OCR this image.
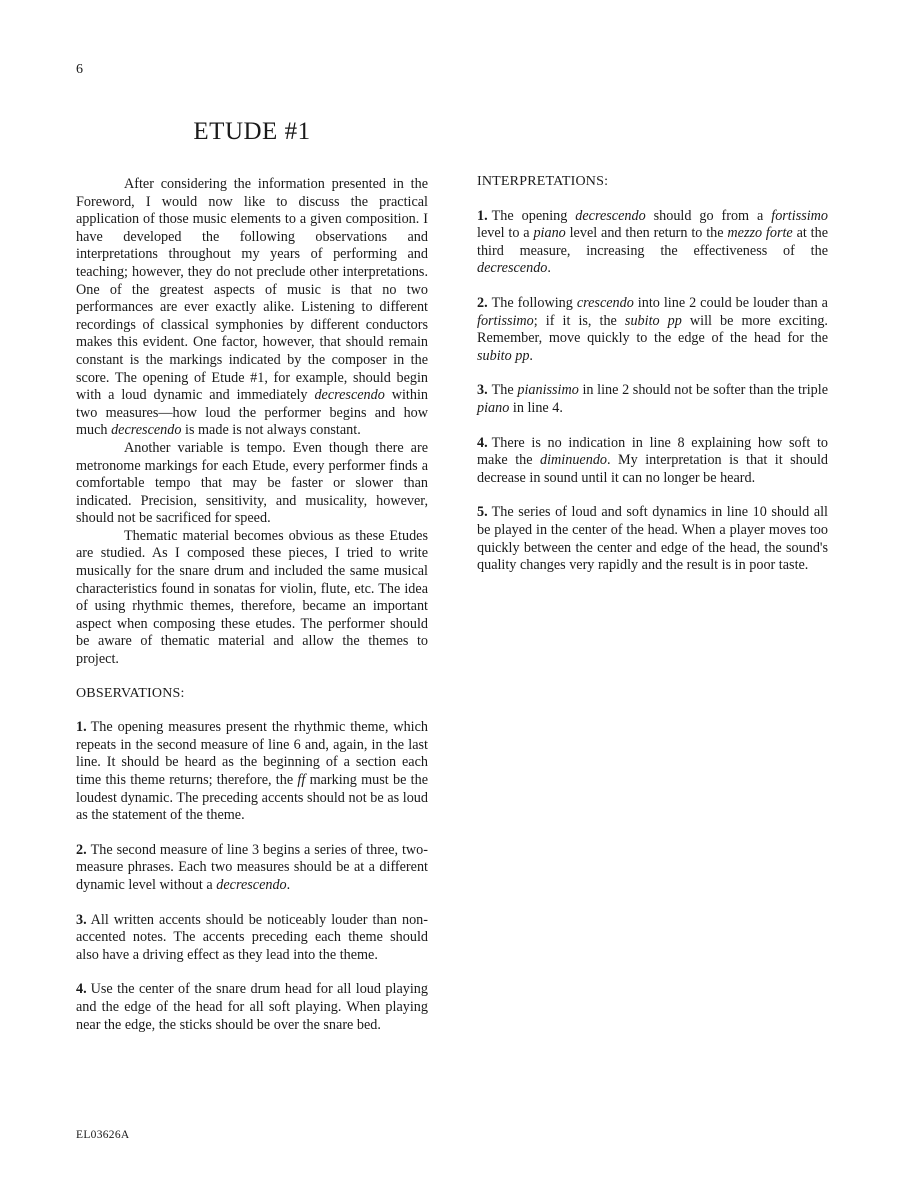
6
ETUDE #1

After considering the information presented in the Foreword, I would now like to discuss the practical application of those music elements to a given composition. I have developed the following observations and interpretations throughout my years of performing and teaching; however, they do not preclude other interpretations. One of the greatest aspects of music is that no two performances are ever exactly alike. Listening to different recordings of classical symphonies by different conductors makes this evident. One factor, however, that should remain constant is the markings indicated by the composer in the score. The opening of Etude #1, for example, should begin with a loud dynamic and immediately decrescendo within two measures—how loud the performer begins and how much decrescendo is made is not always constant.

Another variable is tempo. Even though there are metronome markings for each Etude, every performer finds a comfortable tempo that may be faster or slower than indicated. Precision, sensitivity, and musicality, however, should not be sacrificed for speed.

Thematic material becomes obvious as these Etudes are studied. As I composed these pieces, I tried to write musically for the snare drum and included the same musical characteristics found in sonatas for violin, flute, etc. The idea of using rhythmic themes, therefore, became an important aspect when composing these etudes. The performer should be aware of thematic material and allow the themes to project.

OBSERVATIONS:

1. The opening measures present the rhythmic theme, which repeats in the second measure of line 6 and, again, in the last line. It should be heard as the beginning of a section each time this theme returns; therefore, the ff marking must be the loudest dynamic. The preceding accents should not be as loud as the statement of the theme.

2. The second measure of line 3 begins a series of three, two-measure phrases. Each two measures should be at a different dynamic level without a decrescendo.

3. All written accents should be noticeably louder than non-accented notes. The accents preceding each theme should also have a driving effect as they lead into the theme.

4. Use the center of the snare drum head for all loud playing and the edge of the head for all soft playing. When playing near the edge, the sticks should be over the snare bed.

INTERPRETATIONS:

1. The opening decrescendo should go from a fortissimo level to a piano level and then return to the mezzo forte at the third measure, increasing the effectiveness of the decrescendo.

2. The following crescendo into line 2 could be louder than a fortissimo; if it is, the subito pp will be more exciting. Remember, move quickly to the edge of the head for the subito pp.

3. The pianissimo in line 2 should not be softer than the triple piano in line 4.

4. There is no indication in line 8 explaining how soft to make the diminuendo. My interpretation is that it should decrease in sound until it can no longer be heard.

5. The series of loud and soft dynamics in line 10 should all be played in the center of the head. When a player moves too quickly between the center and edge of the head, the sound's quality changes very rapidly and the result is in poor taste.

EL03626A
